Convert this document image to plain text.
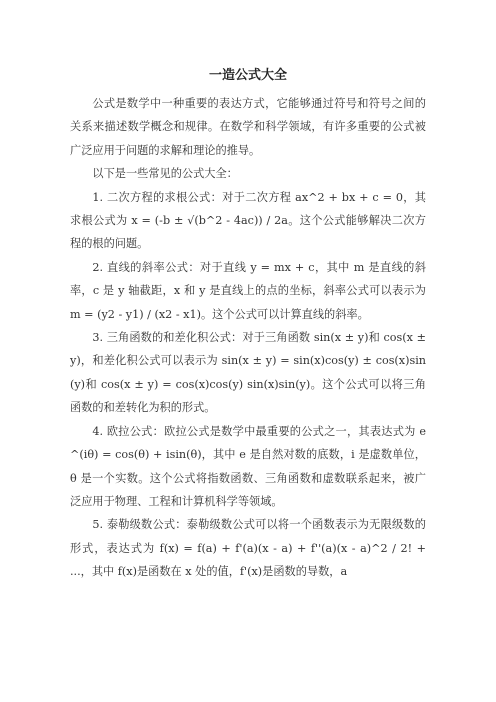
一造公式大全

公式是数学中一种重要的表达方式，它能够通过符号和符号之间的关系来描述数学概念和规律。在数学和科学领域，有许多重要的公式被广泛应用于问题的求解和理论的推导。

以下是一些常见的公式大全：

1. 二次方程的求根公式：对于二次方程 ax^2 + bx + c = 0，其求根公式为 x = (-b ± √(b^2 - 4ac)) / 2a。这个公式能够解决二次方程的根的问题。

2. 直线的斜率公式：对于直线 y = mx + c，其中 m 是直线的斜率，c 是 y 轴截距，x 和 y 是直线上的点的坐标，斜率公式可以表示为 m = (y2 - y1) / (x2 - x1)。这个公式可以计算直线的斜率。

3. 三角函数的和差化积公式：对于三角函数 sin(x ± y)和 cos(x ± y)，和差化积公式可以表示为 sin(x ± y) = sin(x)cos(y) ± cos(x)sin(y)和 cos(x ± y) = cos(x)cos(y) sin(x)sin(y)。这个公式可以将三角函数的和差转化为积的形式。

4. 欧拉公式：欧拉公式是数学中最重要的公式之一，其表达式为 e^(iθ) = cos(θ) + isin(θ)，其中 e 是自然对数的底数，i 是虚数单位，θ 是一个实数。这个公式将指数函数、三角函数和虚数联系起来，被广泛应用于物理、工程和计算机科学等领域。

5. 泰勒级数公式：泰勒级数公式可以将一个函数表示为无限级数的形式，表达式为 f(x) = f(a) + f'(a)(x - a) + f''(a)(x - a)^2 / 2! + ...，其中 f(x)是函数在 x 处的值，f'(x)是函数的导数，a
